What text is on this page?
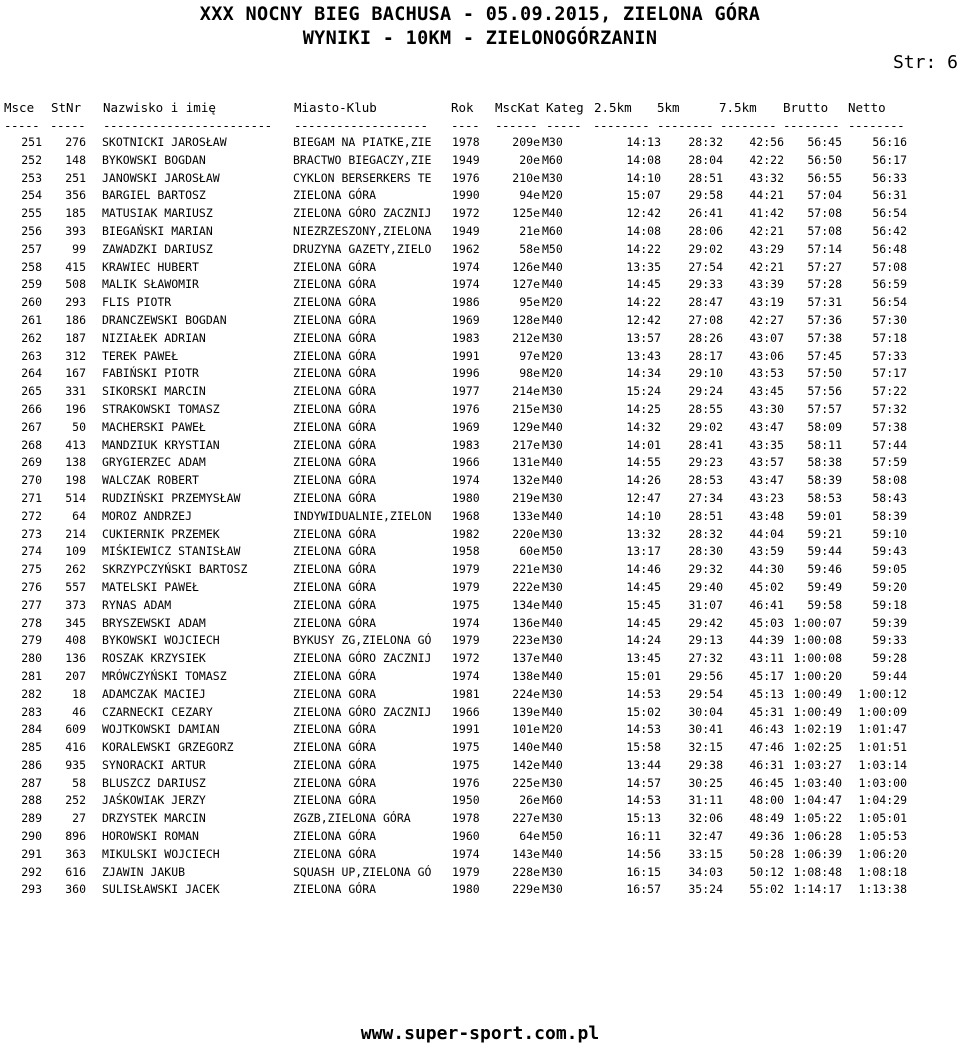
XXX NOCNY BIEG BACHUSA - 05.09.2015, ZIELONA GÓRA
WYNIKI - 10KM - ZIELONOGÓRZANIN
Str: 6
Msce StNr Nazwisko i imię	Miasto-Klub	Rok MscKat Kateg 2.5km 5km	7.5km Brutto Netto
----- ----- ------------------------ ------------------- ---- ------ ----- -------- -------- -------- -------- --------
251	276 SKOTNICKI JAROSŁAW	BIEGAM NA PIATKE,ZIE	1978	209e M30	14:13	28:32	42:56	56:45	56:16
252	148 BYKOWSKI BOGDAN	BRACTWO BIEGACZY,ZIE	1949	20e M60	14:08	28:04	42:22	56:50	56:17
253	251 JANOWSKI JAROSŁAW	CYKLON BERSERKERS TE	1976	210e M30	14:10	28:51	43:32	56:55	56:33
254	356 BARGIEL BARTOSZ	ZIELONA GÓRA	1990	94e M20	15:07	29:58	44:21	57:04	56:31
255	185 MATUSIAK MARIUSZ	ZIELONA GÓRO ZACZNIJ	1972	125e M40	12:42	26:41	41:42	57:08	56:54
256	393 BIEGAŃSKI MARIAN	NIEZRZESZONY,ZIELONA	1949	21e M60	14:08	28:06	42:21	57:08	56:42
257	99 ZAWADZKI DARIUSZ	DRUZYNA GAZETY,ZIELO	1962	58e M50	14:22	29:02	43:29	57:14	56:48
258	415 KRAWIEC HUBERT	ZIELONA GÓRA	1974	126e M40	13:35	27:54	42:21	57:27	57:08
259	508 MALIK SŁAWOMIR	ZIELONA GÓRA	1974	127e M40	14:45	29:33	43:39	57:28	56:59
260	293 FLIS PIOTR	ZIELONA GÓRA	1986	95e M20	14:22	28:47	43:19	57:31	56:54
261	186 DRANCZEWSKI BOGDAN	ZIELONA GÓRA	1969	128e M40	12:42	27:08	42:27	57:36	57:30
262	187 NIZIAŁEK ADRIAN	ZIELONA GÓRA	1983	212e M30	13:57	28:26	43:07	57:38	57:18
263	312 TEREK PAWEŁ	ZIELONA GÓRA	1991	97e M20	13:43	28:17	43:06	57:45	57:33
264	167 FABIŃSKI PIOTR	ZIELONA GÓRA	1996	98e M20	14:34	29:10	43:53	57:50	57:17
265	331 SIKORSKI MARCIN	ZIELONA GÓRA	1977	214e M30	15:24	29:24	43:45	57:56	57:22
266	196 STRAKOWSKI TOMASZ	ZIELONA GÓRA	1976	215e M30	14:25	28:55	43:30	57:57	57:32
267	50 MACHERSKI PAWEŁ	ZIELONA GÓRA	1969	129e M40	14:32	29:02	43:47	58:09	57:38
268	413 MANDZIUK KRYSTIAN	ZIELONA GÓRA	1983	217e M30	14:01	28:41	43:35	58:11	57:44
269	138 GRYGIERZEC ADAM	ZIELONA GÓRA	1966	131e M40	14:55	29:23	43:57	58:38	57:59
270	198 WALCZAK ROBERT	ZIELONA GÓRA	1974	132e M40	14:26	28:53	43:47	58:39	58:08
271	514 RUDZIŃSKI PRZEMYSŁAW	ZIELONA GÓRA	1980	219e M30	12:47	27:34	43:23	58:53	58:43
272	64 MOROZ ANDRZEJ	INDYWIDUALNIE,ZIELON	1968	133e M40	14:10	28:51	43:48	59:01	58:39
273	214 CUKIERNIK PRZEMEK	ZIELONA GÓRA	1982	220e M30	13:32	28:32	44:04	59:21	59:10
274	109 MIŚKIEWICZ STANISŁAW	ZIELONA GÓRA	1958	60e M50	13:17	28:30	43:59	59:44	59:43
275	262 SKRZYPCZYŃSKI BARTOSZ	ZIELONA GÓRA	1979	221e M30	14:46	29:32	44:30	59:46	59:05
276	557 MATELSKI PAWEŁ	ZIELONA GÓRA	1979	222e M30	14:45	29:40	45:02	59:49	59:20
277	373 RYNAS ADAM	ZIELONA GÓRA	1975	134e M40	15:45	31:07	46:41	59:58	59:18
278	345 BRYSZEWSKI ADAM	ZIELONA GÓRA	1974	136e M40	14:45	29:42	45:03 1:00:07	59:39
279	408 BYKOWSKI WOJCIECH	BYKUSY ZG,ZIELONA GÓ	1979	223e M30	14:24	29:13	44:39 1:00:08	59:33
280	136 ROSZAK KRZYSIEK	ZIELONA GÓRO ZACZNIJ	1972	137e M40	13:45	27:32	43:11 1:00:08	59:28
281	207 MRÓWCZYŃSKI TOMASZ	ZIELONA GÓRA	1974	138e M40	15:01	29:56	45:17 1:00:20	59:44
282	18 ADAMCZAK MACIEJ	ZIELONA GORA	1981	224e M30	14:53	29:54	45:13 1:00:49	1:00:12
283	46 CZARNECKI CEZARY	ZIELONA GÓRO ZACZNIJ	1966	139e M40	15:02	30:04	45:31 1:00:49	1:00:09
284	609 WOJTKOWSKI DAMIAN	ZIELONA GÓRA	1991	101e M20	14:53	30:41	46:43 1:02:19	1:01:47
285	416 KORALEWSKI GRZEGORZ	ZIELONA GÓRA	1975	140e M40	15:58	32:15	47:46 1:02:25	1:01:51
286	935 SYNORACKI ARTUR	ZIELONA GÓRA	1975	142e M40	13:44	29:38	46:31 1:03:27	1:03:14
287	58 BLUSZCZ DARIUSZ	ZIELONA GÓRA	1976	225e M30	14:57	30:25	46:45 1:03:40	1:03:00
288	252 JAŚKOWIAK JERZY	ZIELONA GÓRA	1950	26e M60	14:53	31:11	48:00 1:04:47	1:04:29
289	27 DRZYSTEK MARCIN	ZGZB,ZIELONA GÓRA	1978	227e M30	15:13	32:06	48:49 1:05:22	1:05:01
290	896 HOROWSKI ROMAN	ZIELONA GÓRA	1960	64e M50	16:11	32:47	49:36 1:06:28	1:05:53
291	363 MIKULSKI WOJCIECH	ZIELONA GÓRA	1974	143e M40	14:56	33:15	50:28 1:06:39	1:06:20
292	616 ZJAWIN JAKUB	SQUASH UP,ZIELONA GÓ	1979	228e M30	16:15	34:03	50:12 1:08:48	1:08:18
293	360 SULISŁAWSKI JACEK	ZIELONA GÓRA	1980	229e M30	16:57	35:24	55:02 1:14:17	1:13:38
www.super-sport.com.pl
